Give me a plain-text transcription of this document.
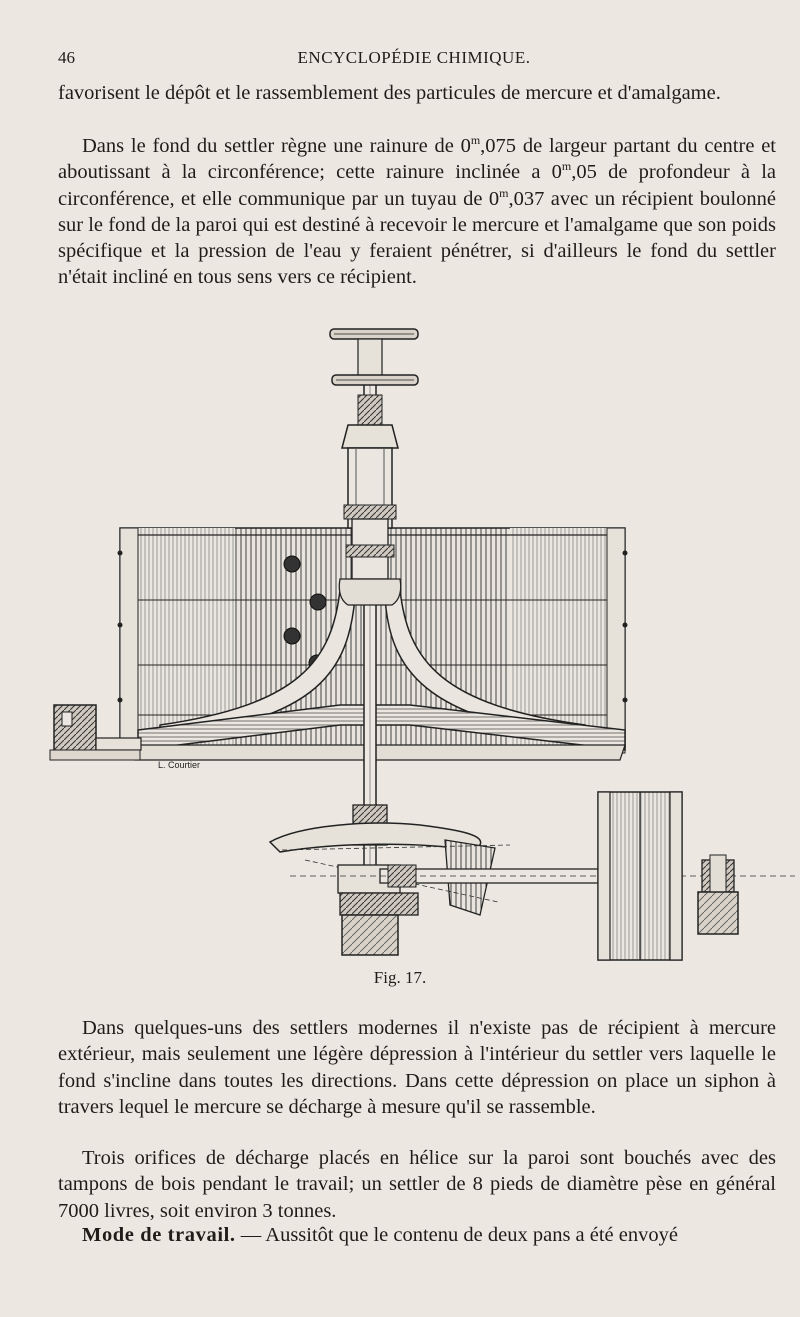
46	ENCYCLOPÉDIE CHIMIQUE.

favorisent le dépôt et le rassemblement des particules de mercure et d'amalgame.

Dans le fond du settler règne une rainure de 0$^m$,075 de largeur partant du centre et aboutissant à la circonférence; cette rainure inclinée a 0$^m$,05 de profondeur à la circonférence, et elle communique par un tuyau de 0$^m$,037 avec un récipient boulonné sur le fond de la paroi qui est destiné à recevoir le mercure et l'amalgame que son poids spécifique et la pression de l'eau y feraient pénétrer, si d'ailleurs le fond du settler n'était incliné en tous sens vers ce récipient.

L. Courtier
Fig. 17.

Dans quelques-uns des settlers modernes il n'existe pas de récipient à mercure extérieur, mais seulement une légère dépression à l'intérieur du settler vers laquelle le fond s'incline dans toutes les directions. Dans cette dépression on place un siphon à travers lequel le mercure se décharge à mesure qu'il se rassemble.

Trois orifices de décharge placés en hélice sur la paroi sont bouchés avec des tampons de bois pendant le travail; un settler de 8 pieds de diamètre pèse en général 7000 livres, soit environ 3 tonnes.

Mode de travail. — Aussitôt que le contenu de deux pans a été envoyé
